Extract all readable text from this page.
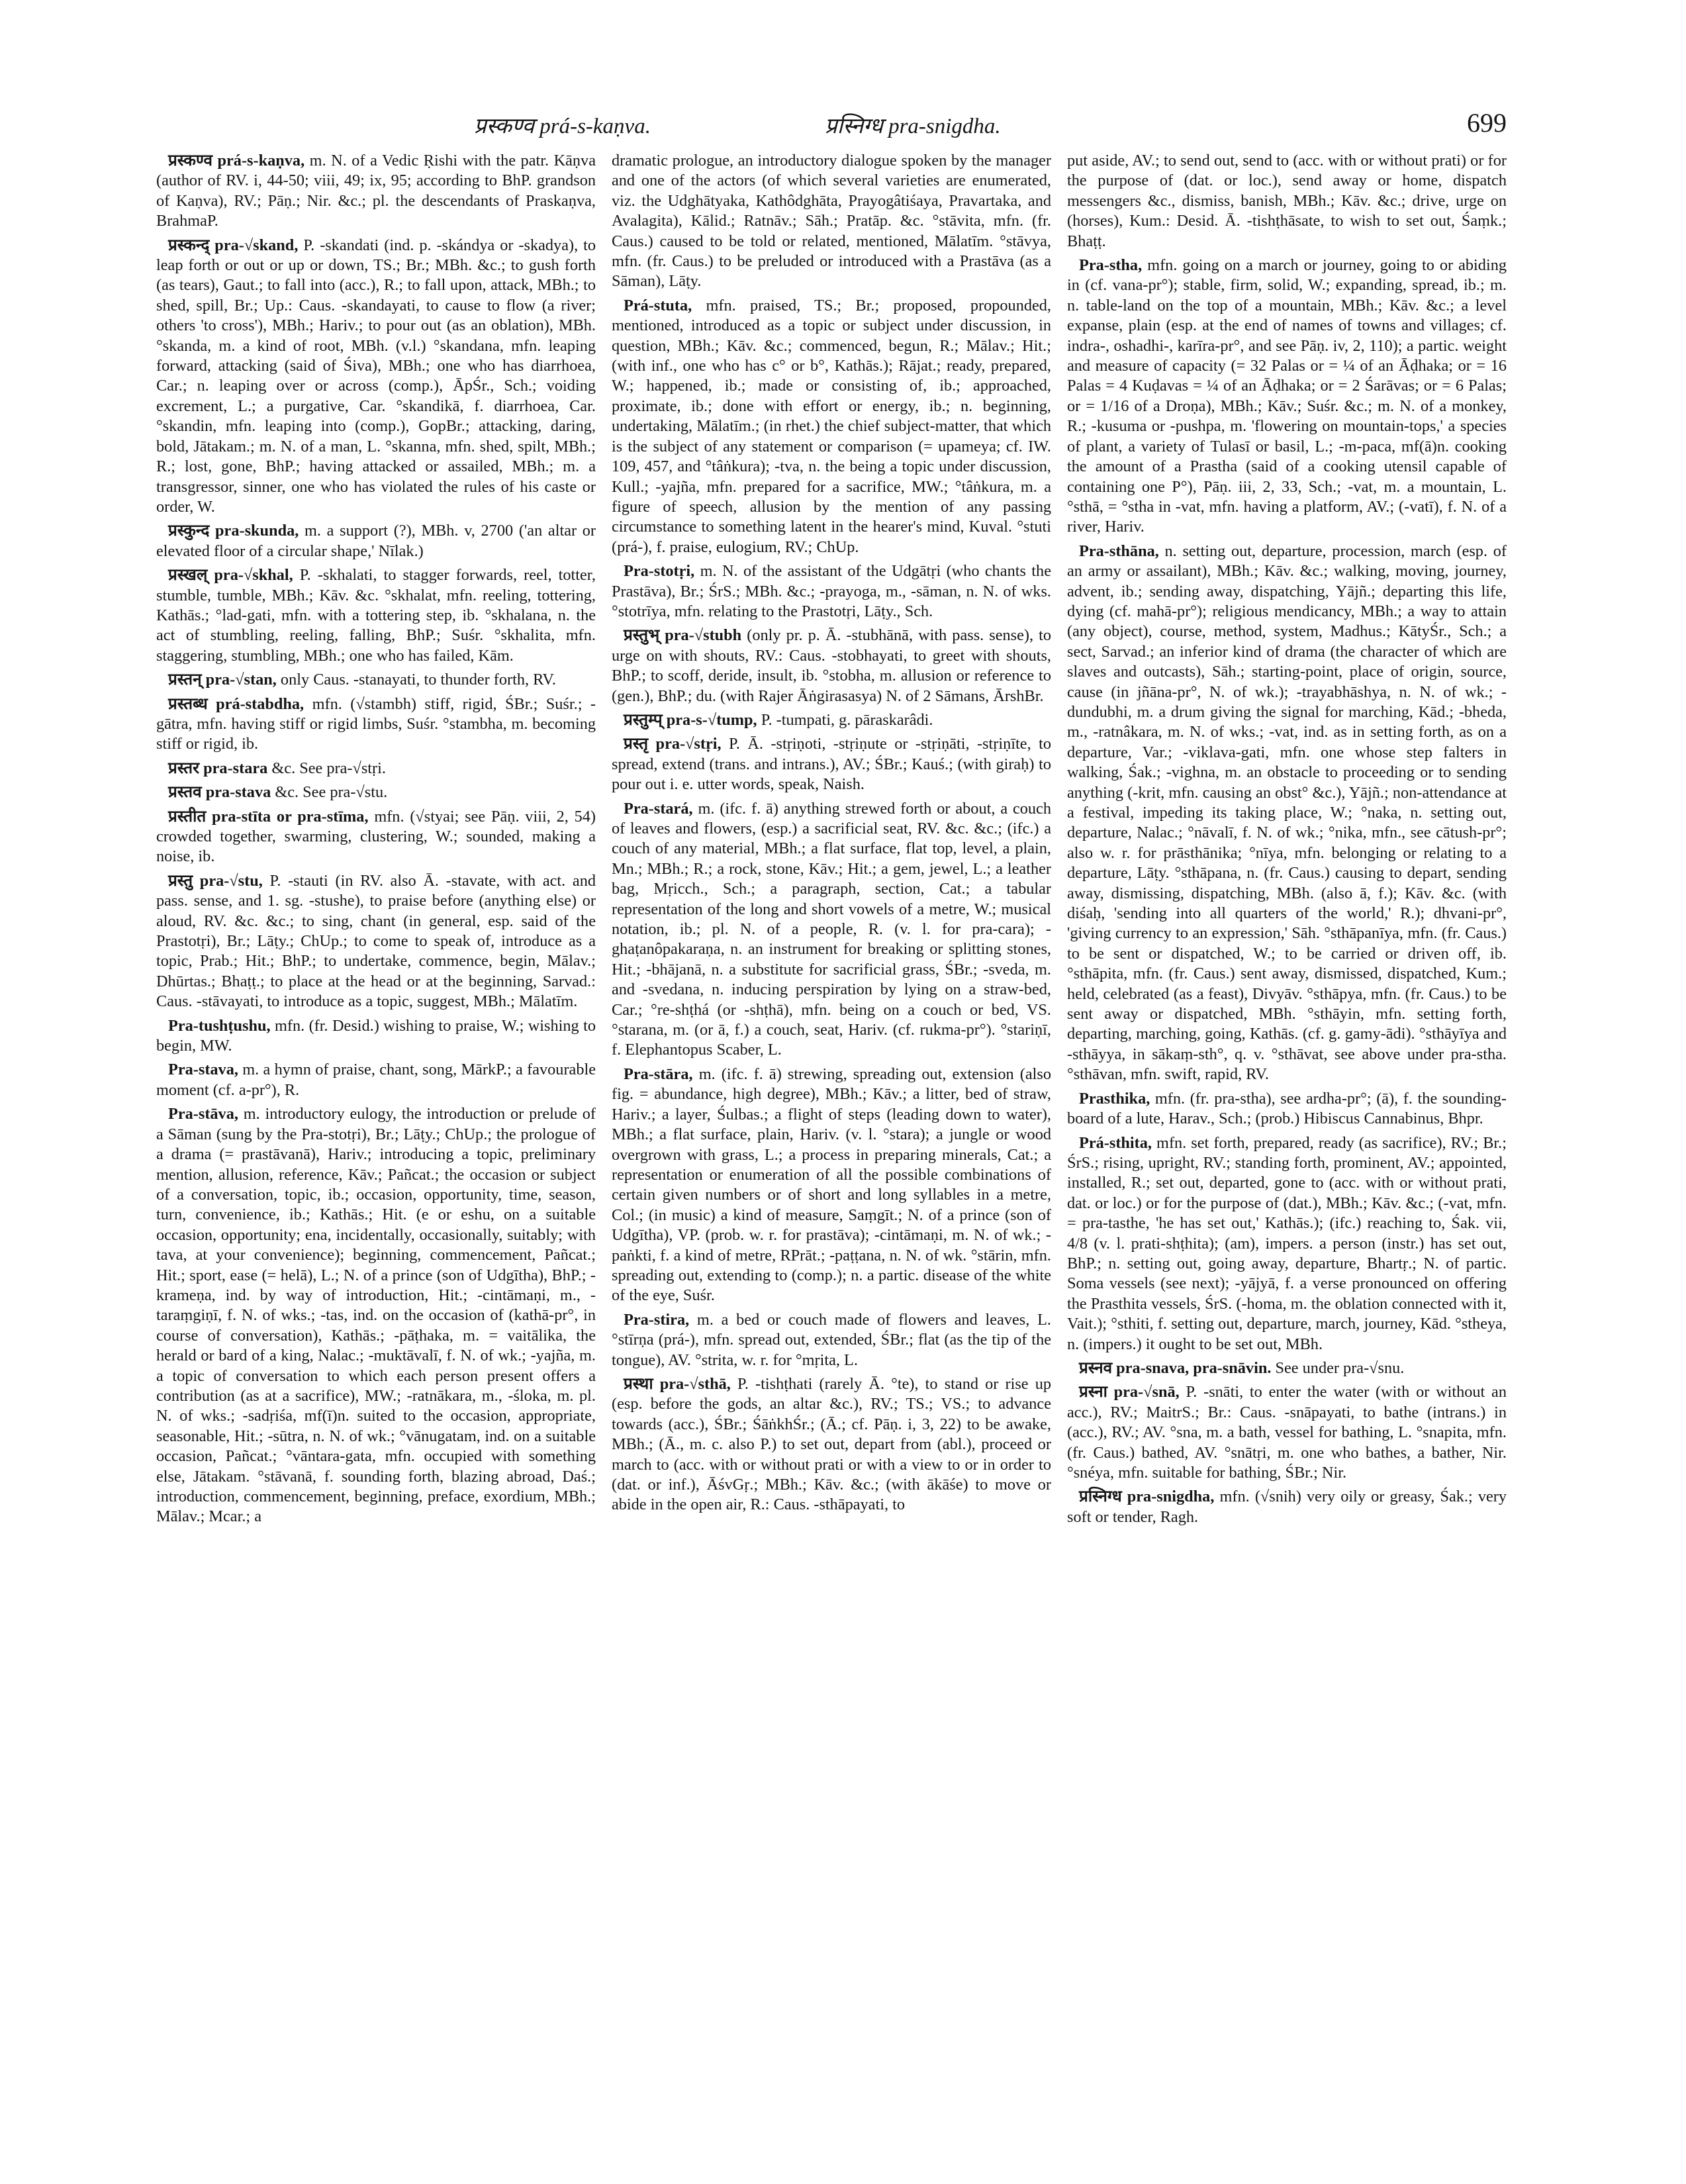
प्रस्कण्व prá-s-kaṇva.	प्रस्निग्ध pra-snigdha.	699

प्रस्कण्व prá-s-kaṇva, m. N. of a Vedic Ṛishi with the patr. Kāṇva (author of RV. i, 44-50; viii, 49; ix, 95; according to BhP. grandson of Kaṇva), RV.; Pāṇ.; Nir. &c.; pl. the descendants of Praskaṇva, BrahmaP.

प्रस्कन्द् pra-√skand, P. -skandati (ind. p. -skándya or -skadya), to leap forth or out or up or down, TS.; Br.; MBh. &c.; to gush forth (as tears), Gaut.; to fall into (acc.), R.; to fall upon, attack, MBh.; to shed, spill, Br.; Up.: Caus. -skandayati, to cause to flow (a river; others 'to cross'), MBh.; Hariv.; to pour out (as an oblation), MBh. °skanda, m. a kind of root, MBh. (v.l.) °skandana, mfn. leaping forward, attacking (said of Śiva), MBh.; one who has diarrhoea, Car.; n. leaping over or across (comp.), ĀpŚr., Sch.; voiding excrement, L.; a purgative, Car. °skandikā, f. diarrhoea, Car. °skandin, mfn. leaping into (comp.), GopBr.; attacking, daring, bold, Jātakam.; m. N. of a man, L. °skanna, mfn. shed, spilt, MBh.; R.; lost, gone, BhP.; having attacked or assailed, MBh.; m. a transgressor, sinner, one who has violated the rules of his caste or order, W.

प्रस्कुन्द pra-skunda, m. a support (?), MBh. v, 2700 ('an altar or elevated floor of a circular shape,' Nīlak.)

प्रस्खल् pra-√skhal, P. -skhalati, to stagger forwards, reel, totter, stumble, tumble, MBh.; Kāv. &c. °skhalat, mfn. reeling, tottering, Kathās.; °lad-gati, mfn. with a tottering step, ib. °skhalana, n. the act of stumbling, reeling, falling, BhP.; Suśr. °skhalita, mfn. staggering, stumbling, MBh.; one who has failed, Kām.

प्रस्तन् pra-√stan, only Caus. -stanayati, to thunder forth, RV.

प्रस्तब्ध prá-stabdha, mfn. (√stambh) stiff, rigid, ŚBr.; Suśr.; -gātra, mfn. having stiff or rigid limbs, Suśr. °stambha, m. becoming stiff or rigid, ib.

प्रस्तर pra-stara &c. See pra-√stṛi.

प्रस्तव pra-stava &c. See pra-√stu.

प्रस्तीत pra-stīta or pra-stīma, mfn. (√styai; see Pāṇ. viii, 2, 54) crowded together, swarming, clustering, W.; sounded, making a noise, ib.

प्रस्तु pra-√stu, P. -stauti (in RV. also Ā. -stavate, with act. and pass. sense, and 1. sg. -stushe), to praise before (anything else) or aloud, RV. &c. &c.; to sing, chant (in general, esp. said of the Prastotṛi), Br.; Lāṭy.; ChUp.; to come to speak of, introduce as a topic, Prab.; Hit.; BhP.; to undertake, commence, begin, Mālav.; Dhūrtas.; Bhaṭṭ.; to place at the head or at the beginning, Sarvad.: Caus. -stāvayati, to introduce as a topic, suggest, MBh.; Mālatīm.

Pra-tushṭushu, mfn. (fr. Desid.) wishing to praise, W.; wishing to begin, MW.

Pra-stava, m. a hymn of praise, chant, song, MārkP.; a favourable moment (cf. a-pr°), R.

Pra-stāva, m. introductory eulogy, the introduction or prelude of a Sāman (sung by the Pra-stotṛi), Br.; Lāṭy.; ChUp.; the prologue of a drama (= prastāvanā), Hariv.; introducing a topic, preliminary mention, allusion, reference, Kāv.; Pañcat.; the occasion or subject of a conversation, topic, ib.; occasion, opportunity, time, season, turn, convenience, ib.; Kathās.; Hit. (e or eshu, on a suitable occasion, opportunity; ena, incidentally, occasionally, suitably; with tava, at your convenience); beginning, commencement, Pañcat.; Hit.; sport, ease (= helā), L.; N. of a prince (son of Udgītha), BhP.; -krameṇa, ind. by way of introduction, Hit.; -cintāmaṇi, m., -taraṃgiṇī, f. N. of wks.; -tas, ind. on the occasion of (kathā-pr°, in course of conversation), Kathās.; -pāṭhaka, m. = vaitālika, the herald or bard of a king, Nalac.; -muktāvalī, f. N. of wk.; -yajña, m. a topic of conversation to which each person present offers a contribution (as at a sacrifice), MW.; -ratnākara, m., -śloka, m. pl. N. of wks.; -sadṛiśa, mf(ī)n. suited to the occasion, appropriate, seasonable, Hit.; -sūtra, n. N. of wk.; °vānugatam, ind. on a suitable occasion, Pañcat.; °vāntara-gata, mfn. occupied with something else, Jātakam. °stāvanā, f. sounding forth, blazing abroad, Daś.; introduction, commencement, beginning, preface, exordium, MBh.; Mālav.; Mcar.; a

dramatic prologue, an introductory dialogue spoken by the manager and one of the actors (of which several varieties are enumerated, viz. the Udghātyaka, Kathôdghāta, Prayogâtiśaya, Pravartaka, and Avalagita), Kālid.; Ratnāv.; Sāh.; Pratāp. &c. °stāvita, mfn. (fr. Caus.) caused to be told or related, mentioned, Mālatīm. °stāvya, mfn. (fr. Caus.) to be preluded or introduced with a Prastāva (as a Sāman), Lāṭy.

Prá-stuta, mfn. praised, TS.; Br.; proposed, propounded, mentioned, introduced as a topic or subject under discussion, in question, MBh.; Kāv. &c.; commenced, begun, R.; Mālav.; Hit.; (with inf., one who has c° or b°, Kathās.); Rājat.; ready, prepared, W.; happened, ib.; made or consisting of, ib.; approached, proximate, ib.; done with effort or energy, ib.; n. beginning, undertaking, Mālatīm.; (in rhet.) the chief subject-matter, that which is the subject of any statement or comparison (= upameya; cf. IW. 109, 457, and °tâṅkura); -tva, n. the being a topic under discussion, Kull.; -yajña, mfn. prepared for a sacrifice, MW.; °tâṅkura, m. a figure of speech, allusion by the mention of any passing circumstance to something latent in the hearer's mind, Kuval. °stuti (prá-), f. praise, eulogium, RV.; ChUp.

Pra-stotṛi, m. N. of the assistant of the Udgātṛi (who chants the Prastāva), Br.; ŚrS.; MBh. &c.; -prayoga, m., -sāman, n. N. of wks. °stotrīya, mfn. relating to the Prastotṛi, Lāṭy., Sch.

प्रस्तुभ् pra-√stubh (only pr. p. Ā. -stubhānā, with pass. sense), to urge on with shouts, RV.: Caus. -stobhayati, to greet with shouts, BhP.; to scoff, deride, insult, ib. °stobha, m. allusion or reference to (gen.), BhP.; du. (with Rajer Āṅgirasasya) N. of 2 Sāmans, ĀrshBr.

प्रस्तुम्प् pra-s-√tump, P. -tumpati, g. pāraskarâdi.

प्रस्तृ pra-√stṛi, P. Ā. -stṛiṇoti, -stṛiṇute or -stṛiṇāti, -stṛiṇīte, to spread, extend (trans. and intrans.), AV.; ŚBr.; Kauś.; (with giraḥ) to pour out i. e. utter words, speak, Naish.

Pra-stará, m. (ifc. f. ā) anything strewed forth or about, a couch of leaves and flowers, (esp.) a sacrificial seat, RV. &c. &c.; (ifc.) a couch of any material, MBh.; a flat surface, flat top, level, a plain, Mn.; MBh.; R.; a rock, stone, Kāv.; Hit.; a gem, jewel, L.; a leather bag, Mṛicch., Sch.; a paragraph, section, Cat.; a tabular representation of the long and short vowels of a metre, W.; musical notation, ib.; pl. N. of a people, R. (v. l. for pra-cara); -ghaṭanôpakaraṇa, n. an instrument for breaking or splitting stones, Hit.; -bhājanā, n. a substitute for sacrificial grass, ŚBr.; -sveda, m. and -svedana, n. inducing perspiration by lying on a straw-bed, Car.; °re-shṭhá (or -shṭhā), mfn. being on a couch or bed, VS. °starana, m. (or ā, f.) a couch, seat, Hariv. (cf. rukma-pr°). °stariṇī, f. Elephantopus Scaber, L.

Pra-stāra, m. (ifc. f. ā) strewing, spreading out, extension (also fig. = abundance, high degree), MBh.; Kāv.; a litter, bed of straw, Hariv.; a layer, Śulbas.; a flight of steps (leading down to water), MBh.; a flat surface, plain, Hariv. (v. l. °stara); a jungle or wood overgrown with grass, L.; a process in preparing minerals, Cat.; a representation or enumeration of all the possible combinations of certain given numbers or of short and long syllables in a metre, Col.; (in music) a kind of measure, Saṃgīt.; N. of a prince (son of Udgītha), VP. (prob. w. r. for prastāva); -cintāmaṇi, m. N. of wk.; -paṅkti, f. a kind of metre, RPrāt.; -paṭṭana, n. N. of wk. °stārin, mfn. spreading out, extending to (comp.); n. a partic. disease of the white of the eye, Suśr.

Pra-stira, m. a bed or couch made of flowers and leaves, L. °stīrṇa (prá-), mfn. spread out, extended, ŚBr.; flat (as the tip of the tongue), AV. °strita, w. r. for °mṛita, L.

प्रस्था pra-√sthā, P. -tishṭhati (rarely Ā. °te), to stand or rise up (esp. before the gods, an altar &c.), RV.; TS.; VS.; to advance towards (acc.), ŚBr.; ŚāṅkhŚr.; (Ā.; cf. Pāṇ. i, 3, 22) to be awake, MBh.; (Ā., m. c. also P.) to set out, depart from (abl.), proceed or march to (acc. with or without prati or with a view to or in order to (dat. or inf.), ĀśvGṛ.; MBh.; Kāv. &c.; (with ākāśe) to move or abide in the open air, R.: Caus. -sthāpayati, to

put aside, AV.; to send out, send to (acc. with or without prati) or for the purpose of (dat. or loc.), send away or home, dispatch messengers &c., dismiss, banish, MBh.; Kāv. &c.; drive, urge on (horses), Kum.: Desid. Ā. -tishṭhāsate, to wish to set out, Śaṃk.; Bhaṭṭ.

Pra-stha, mfn. going on a march or journey, going to or abiding in (cf. vana-pr°); stable, firm, solid, W.; expanding, spread, ib.; m. n. table-land on the top of a mountain, MBh.; Kāv. &c.; a level expanse, plain (esp. at the end of names of towns and villages; cf. indra-, oshadhi-, karīra-pr°, and see Pāṇ. iv, 2, 110); a partic. weight and measure of capacity (= 32 Palas or = ¼ of an Āḍhaka; or = 16 Palas = 4 Kuḍavas = ¼ of an Āḍhaka; or = 2 Śarāvas; or = 6 Palas; or = 1/16 of a Droṇa), MBh.; Kāv.; Suśr. &c.; m. N. of a monkey, R.; -kusuma or -pushpa, m. 'flowering on mountain-tops,' a species of plant, a variety of Tulasī or basil, L.; -m-paca, mf(ā)n. cooking the amount of a Prastha (said of a cooking utensil capable of containing one P°), Pāṇ. iii, 2, 33, Sch.; -vat, m. a mountain, L. °sthā, = °stha in -vat, mfn. having a platform, AV.; (-vatī), f. N. of a river, Hariv.

Pra-sthāna, n. setting out, departure, procession, march (esp. of an army or assailant), MBh.; Kāv. &c.; walking, moving, journey, advent, ib.; sending away, dispatching, Yājñ.; departing this life, dying (cf. mahā-pr°); religious mendicancy, MBh.; a way to attain (any object), course, method, system, Madhus.; KātyŚr., Sch.; a sect, Sarvad.; an inferior kind of drama (the character of which are slaves and outcasts), Sāh.; starting-point, place of origin, source, cause (in jñāna-pr°, N. of wk.); -trayabhāshya, n. N. of wk.; -dundubhi, m. a drum giving the signal for marching, Kād.; -bheda, m., -ratnâkara, m. N. of wks.; -vat, ind. as in setting forth, as on a departure, Var.; -viklava-gati, mfn. one whose step falters in walking, Śak.; -vighna, m. an obstacle to proceeding or to sending anything (-krit, mfn. causing an obst° &c.), Yājñ.; non-attendance at a festival, impeding its taking place, W.; °naka, n. setting out, departure, Nalac.; °nāvalī, f. N. of wk.; °nika, mfn., see cātush-pr°; also w. r. for prāsthānika; °nīya, mfn. belonging or relating to a departure, Lāṭy. °sthāpana, n. (fr. Caus.) causing to depart, sending away, dismissing, dispatching, MBh. (also ā, f.); Kāv. &c. (with diśaḥ, 'sending into all quarters of the world,' R.); dhvani-pr°, 'giving currency to an expression,' Sāh. °sthāpanīya, mfn. (fr. Caus.) to be sent or dispatched, W.; to be carried or driven off, ib. °sthāpita, mfn. (fr. Caus.) sent away, dismissed, dispatched, Kum.; held, celebrated (as a feast), Divyāv. °sthāpya, mfn. (fr. Caus.) to be sent away or dispatched, MBh. °sthāyin, mfn. setting forth, departing, marching, going, Kathās. (cf. g. gamy-ādi). °sthāyīya and -sthāyya, in sākaṃ-sth°, q. v. °sthāvat, see above under pra-stha. °sthāvan, mfn. swift, rapid, RV.

Prasthika, mfn. (fr. pra-stha), see ardha-pr°; (ā), f. the sounding-board of a lute, Harav., Sch.; (prob.) Hibiscus Cannabinus, Bhpr.

Prá-sthita, mfn. set forth, prepared, ready (as sacrifice), RV.; Br.; ŚrS.; rising, upright, RV.; standing forth, prominent, AV.; appointed, installed, R.; set out, departed, gone to (acc. with or without prati, dat. or loc.) or for the purpose of (dat.), MBh.; Kāv. &c.; (-vat, mfn. = pra-tasthe, 'he has set out,' Kathās.); (ifc.) reaching to, Śak. vii, 4/8 (v. l. prati-shṭhita); (am), impers. a person (instr.) has set out, BhP.; n. setting out, going away, departure, Bhartṛ.; N. of partic. Soma vessels (see next); -yājyā, f. a verse pronounced on offering the Prasthita vessels, ŚrS. (-homa, m. the oblation connected with it, Vait.); °sthiti, f. setting out, departure, march, journey, Kād. °stheya, n. (impers.) it ought to be set out, MBh.

प्रस्नव pra-snava, pra-snāvin. See under pra-√snu.

प्रस्ना pra-√snā, P. -snāti, to enter the water (with or without an acc.), RV.; MaitrS.; Br.: Caus. -snāpayati, to bathe (intrans.) in (acc.), RV.; AV. °sna, m. a bath, vessel for bathing, L. °snapita, mfn. (fr. Caus.) bathed, AV. °snātṛi, m. one who bathes, a bather, Nir. °snéya, mfn. suitable for bathing, ŚBr.; Nir.

प्रस्निग्ध pra-snigdha, mfn. (√snih) very oily or greasy, Śak.; very soft or tender, Ragh.
